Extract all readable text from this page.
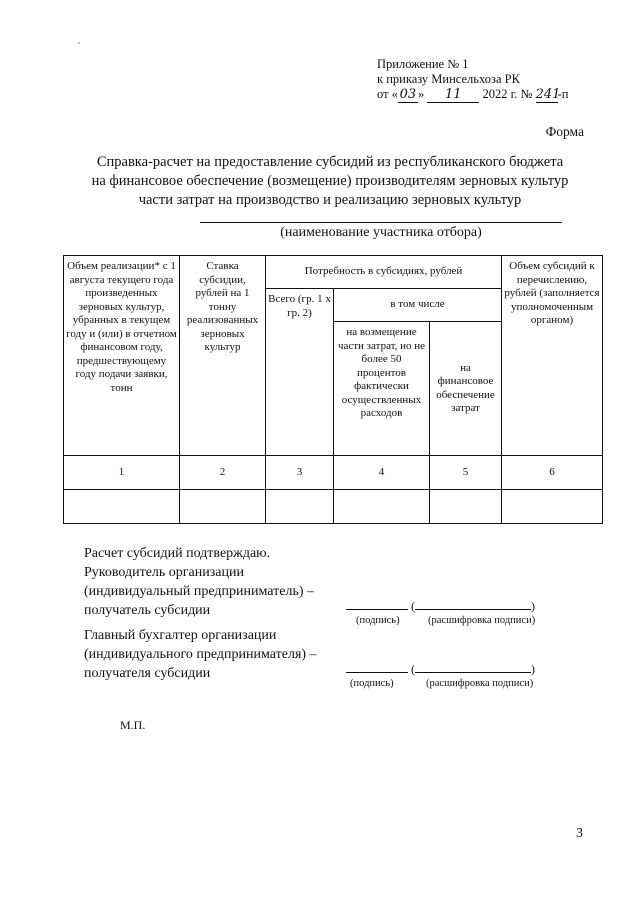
Приложение № 1
к приказу Минсельхоза РК
от « 03 » 11 2022 г. № 241-п
Форма
Справка-расчет на предоставление субсидий из республиканского бюджета
на финансовое обеспечение (возмещение) производителям зерновых культур
части затрат на производство и реализацию зерновых культур
(наименование участника отбора)
Объем реализации* с 1 августа текущего года произведенных зерновых культур, убранных в текущем году и (или) в отчетном финансовом году, предшествующему году подачи заявки, тонн	Ставка субсидии, рублей на 1 тонну реализованных зерновых культур	Потребность в субсидиях, рублей			Объем субсидий к перечислению, рублей (заполняется уполномоченным органом)
		Всего (гр. 1 х гр. 2)	в том числе		
			на возмещение части затрат, но не более 50 процентов фактически осуществленных расходов	на финансовое обеспечение затрат	
1	2	3	4	5	6

Расчет субсидий подтверждаю.
Руководитель организации
(индивидуальный предприниматель) –
получатель субсидии	(	)
(подпись)	(расшифровка подписи)
Главный бухгалтер организации
(индивидуального предпринимателя) –
получателя субсидии	(	)
(подпись)	(расшифровка подписи)
М.П.
3
